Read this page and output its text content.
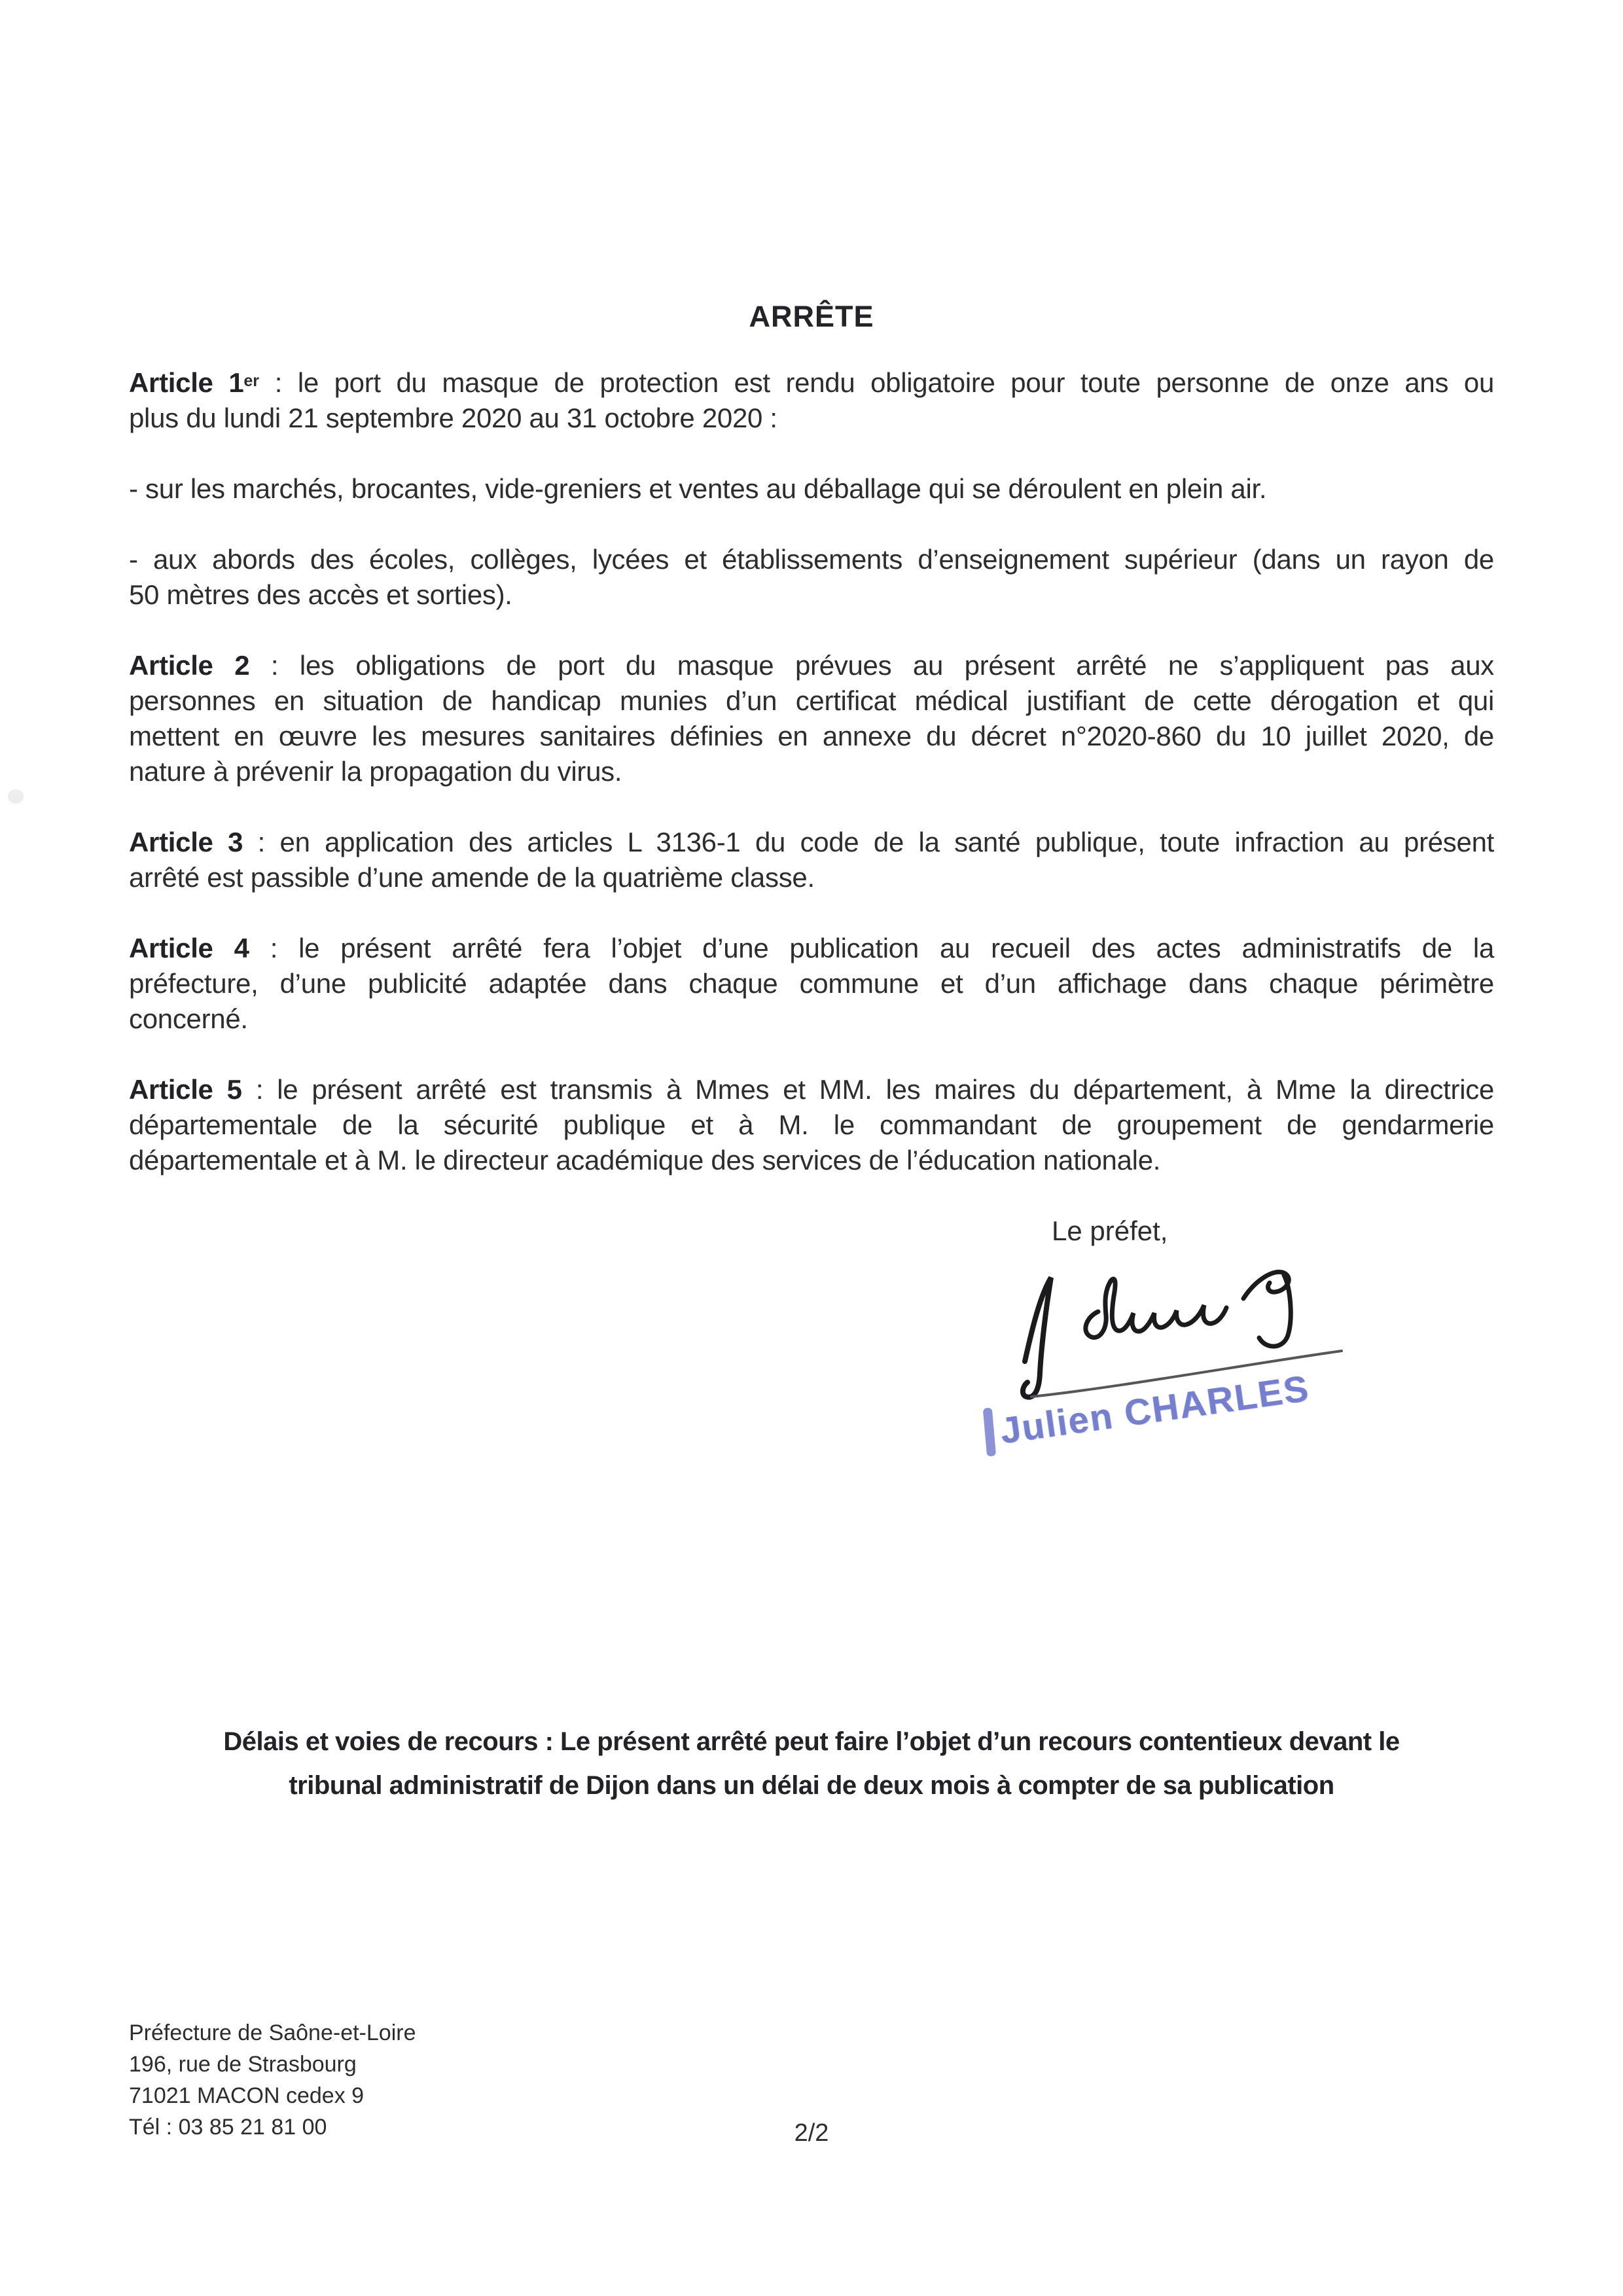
ARRÊTE
Article 1er : le port du masque de protection est rendu obligatoire pour toute personne de onze ans ou
plus du lundi 21 septembre 2020 au 31 octobre 2020 :
- sur les marchés, brocantes, vide-greniers et ventes au déballage qui se déroulent en plein air.
- aux abords des écoles, collèges, lycées et établissements d’enseignement supérieur (dans un rayon de
50 mètres des accès et sorties).
Article 2 : les obligations de port du masque prévues au présent arrêté ne s’appliquent pas aux
personnes en situation de handicap munies d’un certificat médical justifiant de cette dérogation et qui
mettent en œuvre les mesures sanitaires définies en annexe du décret n°2020-860 du 10 juillet 2020, de
nature à prévenir la propagation du virus.
Article 3 : en application des articles L 3136-1 du code de la santé publique, toute infraction au présent
arrêté est passible d’une amende de la quatrième classe.
Article 4 : le présent arrêté fera l’objet d’une publication au recueil des actes administratifs de la
préfecture, d’une publicité adaptée dans chaque commune et d’un affichage dans chaque périmètre
concerné.
Article 5 : le présent arrêté est transmis à Mmes et MM. les maires du département, à Mme la directrice
départementale de la sécurité publique et à M. le commandant de groupement de gendarmerie
départementale et à M. le directeur académique des services de l’éducation nationale.
Le préfet,
Julien CHARLES
Délais et voies de recours : Le présent arrêté peut faire l’objet d’un recours contentieux devant le
tribunal administratif de Dijon dans un délai de deux mois à compter de sa publication
Préfecture de Saône-et-Loire
196, rue de Strasbourg
71021 MACON cedex 9
Tél : 03 85 21 81 00	2/2
